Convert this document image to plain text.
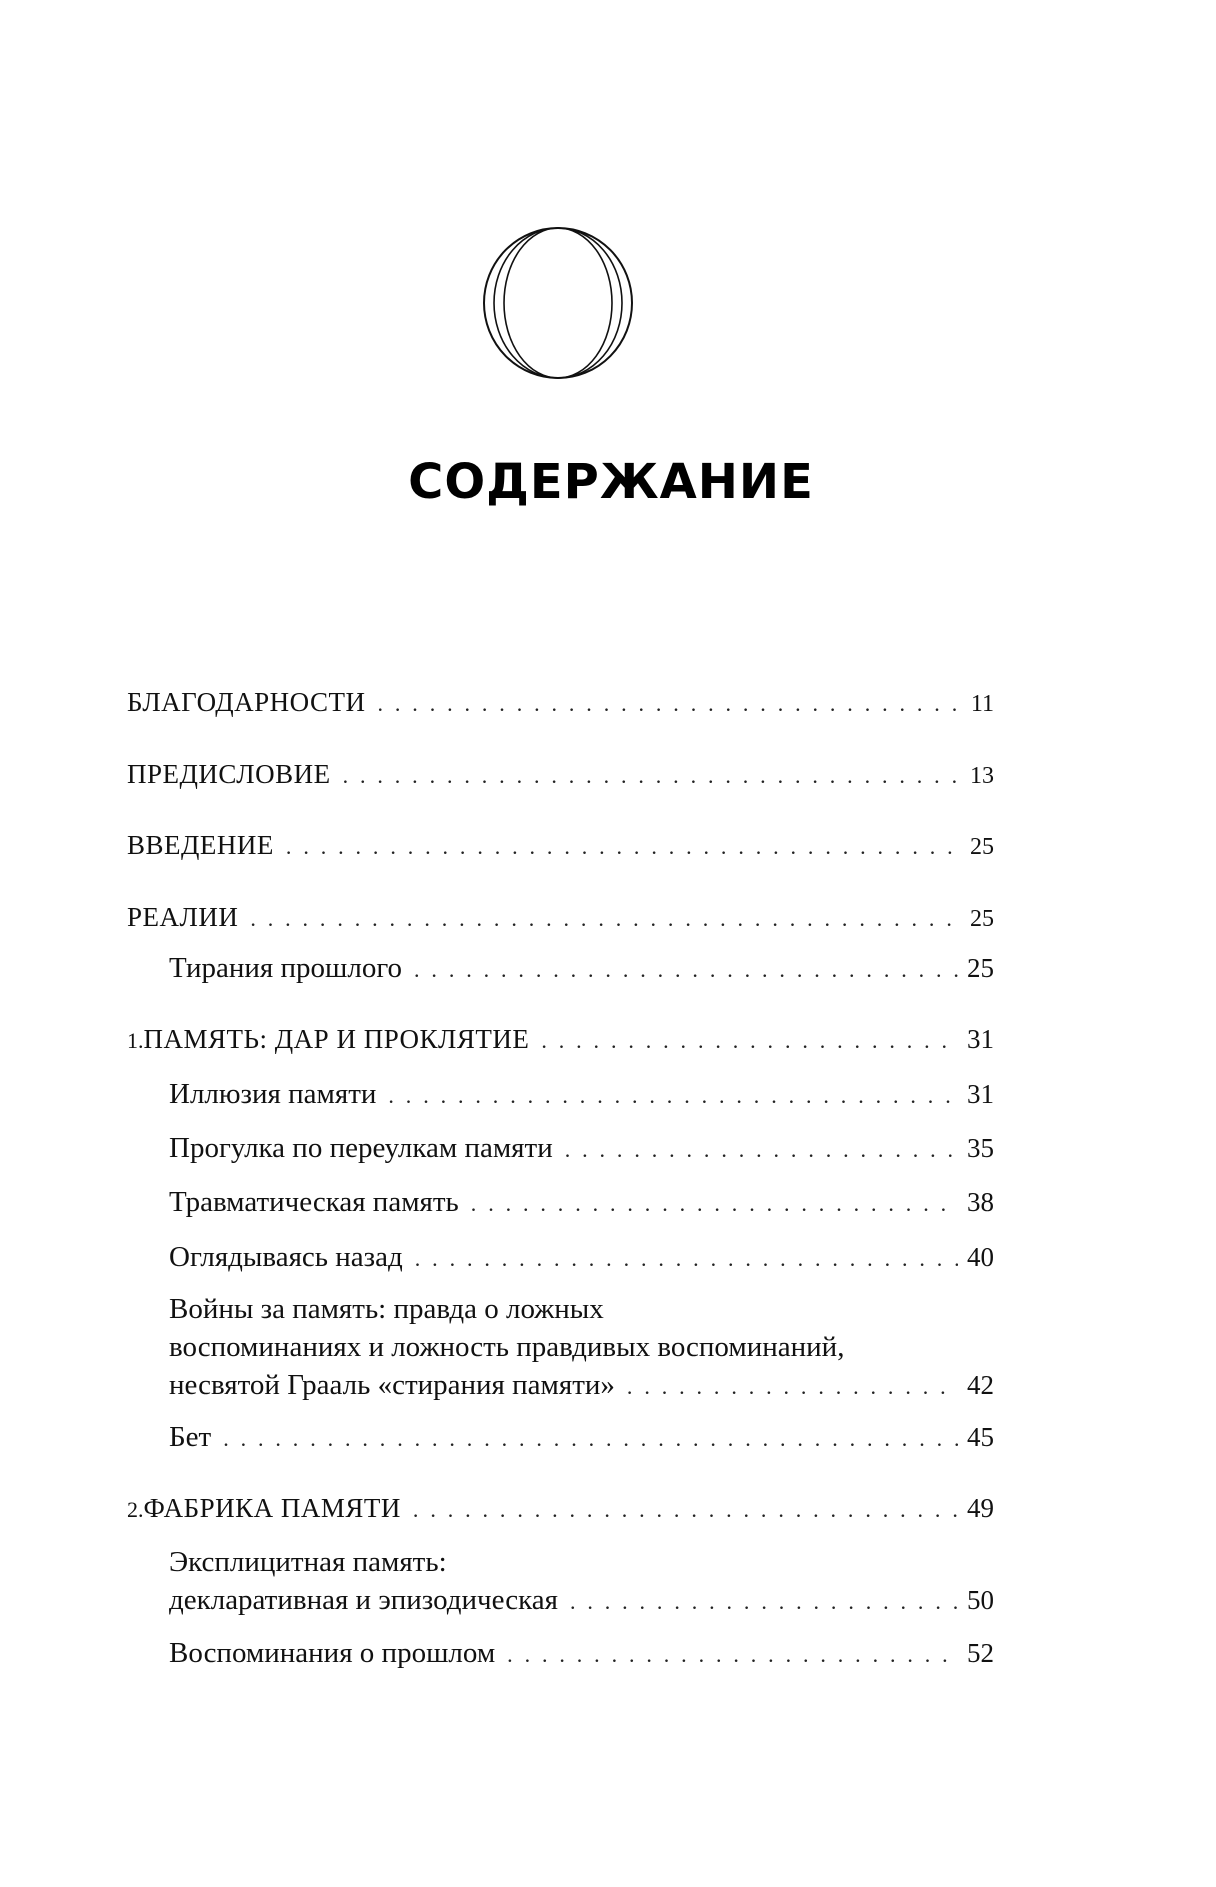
СОДЕРЖАНИЕ
БЛАГОДАРНОСТИ . . .	11
ПРЕДИСЛОВИЕ . . .	13
ВВЕДЕНИЕ . . .	25
РЕАЛИИ . . .	25
Тирания прошлого . . .	25
1. ПАМЯТЬ: ДАР И ПРОКЛЯТИЕ . . .	31
Иллюзия памяти . . .	31
Прогулка по переулкам памяти . . .	35
Травматическая память . . .	38
Оглядываясь назад . . .	40
Войны за память: правда о ложных
воспоминаниях и ложность правдивых воспоминаний,
несвятой Грааль «стирания памяти» . . .	42
Бет . . .	45
2. ФАБРИКА ПАМЯТИ . . .	49
Эксплицитная память:
декларативная и эпизодическая . . .	50
Воспоминания о прошлом . . .	52
